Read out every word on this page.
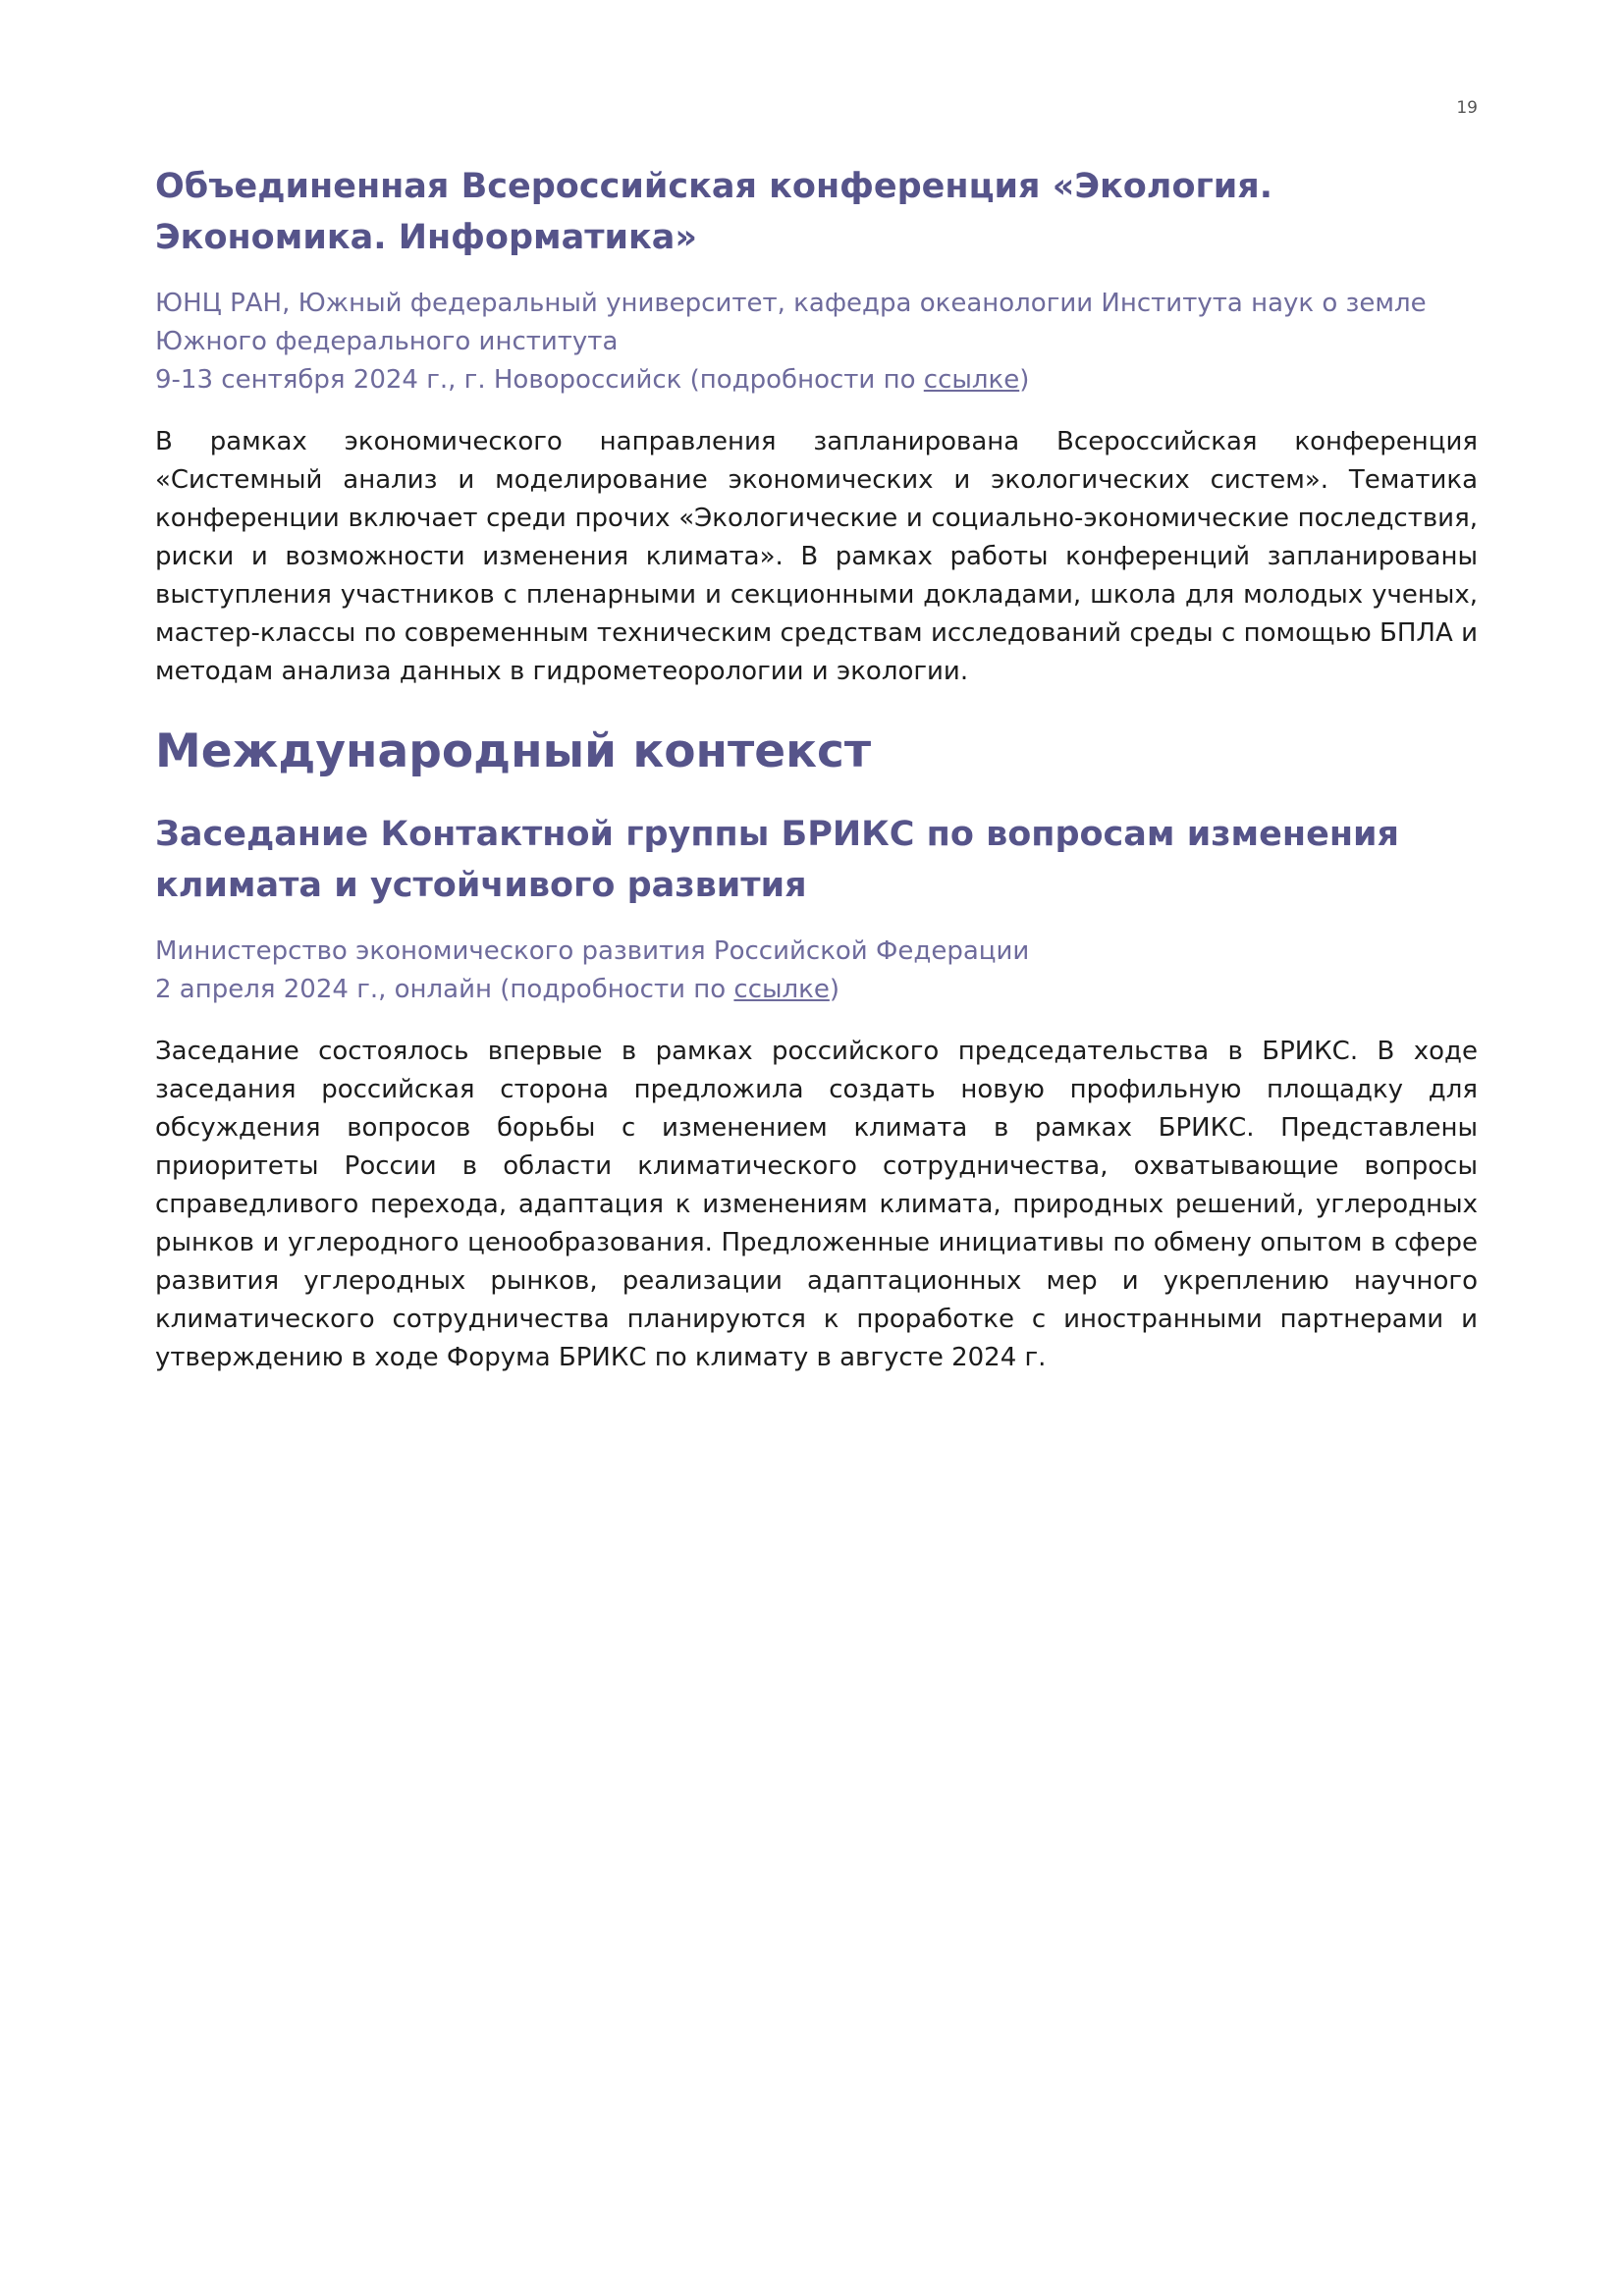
19
Объединенная Всероссийская конференция «Экология. Экономика. Информатика»
ЮНЦ РАН, Южный федеральный университет, кафедра океанологии Института наук о земле Южного федерального института
9-13 сентября 2024 г., г. Новороссийск (подробности по ссылке)

В рамках экономического направления запланирована Всероссийская конференция «Системный анализ и моделирование экономических и экологических систем». Тематика конференции включает среди прочих «Экологические и социально-экономические последствия, риски и возможности изменения климата». В рамках работы конференций запланированы выступления участников с пленарными и секционными докладами, школа для молодых ученых, мастер-классы по современным техническим средствам исследований среды с помощью БПЛА и методам анализа данных в гидрометеорологии и экологии.

Международный контекст
Заседание Контактной группы БРИКС по вопросам изменения климата и устойчивого развития
Министерство экономического развития Российской Федерации
2 апреля 2024 г., онлайн (подробности по ссылке)

Заседание состоялось впервые в рамках российского председательства в БРИКС. В ходе заседания российская сторона предложила создать новую профильную площадку для обсуждения вопросов борьбы с изменением климата в рамках БРИКС. Представлены приоритеты России в области климатического сотрудничества, охватывающие вопросы справедливого перехода, адаптация к изменениям климата, природных решений, углеродных рынков и углеродного ценообразования. Предложенные инициативы по обмену опытом в сфере развития углеродных рынков, реализации адаптационных мер и укреплению научного климатического сотрудничества планируются к проработке с иностранными партнерами и утверждению в ходе Форума БРИКС по климату в августе 2024 г.
